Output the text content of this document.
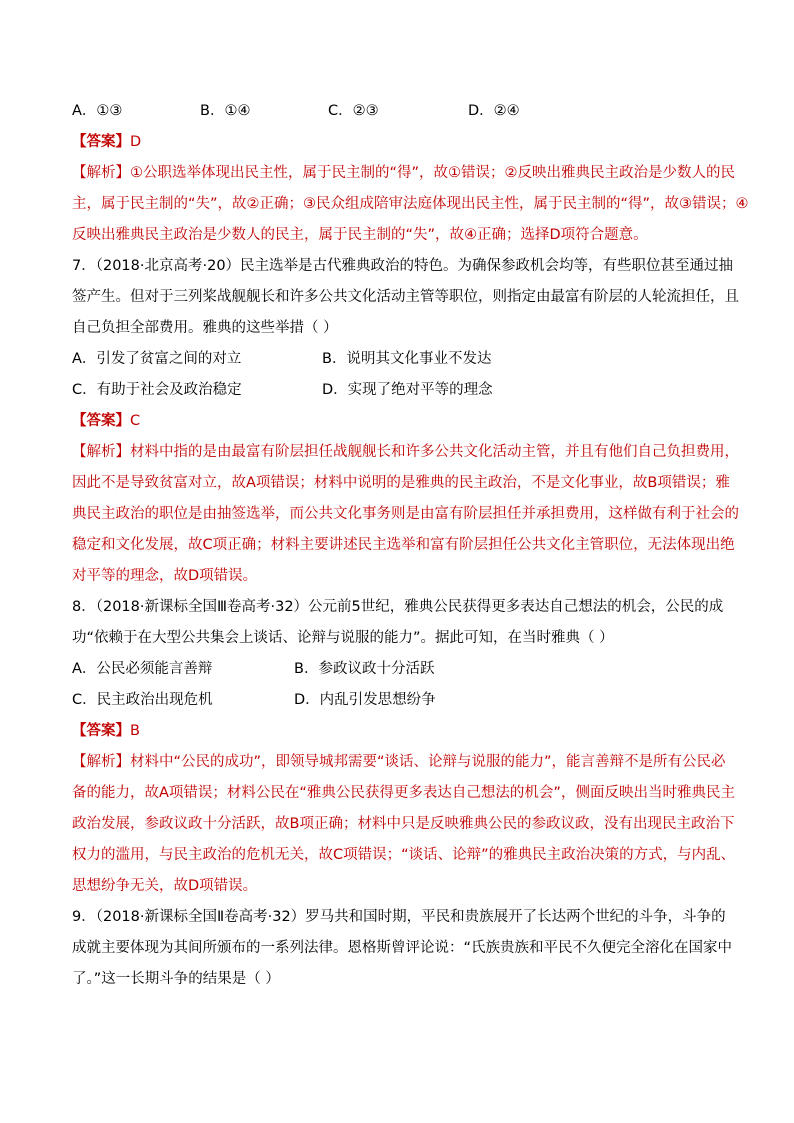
A．①③	B．①④	C．②③	D．②④
【答案】D
【解析】①公职选举体现出民主性，属于民主制的“得”，故①错误；②反映出雅典民主政治是少数人的民
主，属于民主制的“失”，故②正确；③民众组成陪审法庭体现出民主性，属于民主制的“得”，故③错误；④
反映出雅典民主政治是少数人的民主，属于民主制的“失”，故④正确；选择D项符合题意。
7．（2018·北京高考·20）民主选举是古代雅典政治的特色。为确保参政机会均等，有些职位甚至通过抽
签产生。但对于三列桨战舰舰长和许多公共文化活动主管等职位，则指定由最富有阶层的人轮流担任，且
自己负担全部费用。雅典的这些举措（ ）
A．引发了贫富之间的对立	B．说明其文化事业不发达
C．有助于社会及政治稳定	D．实现了绝对平等的理念
【答案】C
【解析】材料中指的是由最富有阶层担任战舰舰长和许多公共文化活动主管，并且有他们自己负担费用，
因此不是导致贫富对立，故A项错误；材料中说明的是雅典的民主政治，不是文化事业，故B项错误；雅
典民主政治的职位是由抽签选举，而公共文化事务则是由富有阶层担任并承担费用，这样做有利于社会的
稳定和文化发展，故C项正确；材料主要讲述民主选举和富有阶层担任公共文化主管职位，无法体现出绝
对平等的理念，故D项错误。
8．（2018·新课标全国Ⅲ卷高考·32）公元前5世纪，雅典公民获得更多表达自己想法的机会，公民的成
功“依赖于在大型公共集会上谈话、论辩与说服的能力”。据此可知，在当时雅典（ ）
A．公民必须能言善辩	B．参政议政十分活跃
C．民主政治出现危机	D．内乱引发思想纷争
【答案】B
【解析】材料中“公民的成功”，即领导城邦需要“谈话、论辩与说服的能力”，能言善辩不是所有公民必
备的能力，故A项错误；材料公民在“雅典公民获得更多表达自己想法的机会”，侧面反映出当时雅典民主
政治发展，参政议政十分活跃，故B项正确；材料中只是反映雅典公民的参政议政，没有出现民主政治下
权力的滥用，与民主政治的危机无关，故C项错误；“谈话、论辩”的雅典民主政治决策的方式，与内乱、
思想纷争无关，故D项错误。
9．（2018·新课标全国Ⅱ卷高考·32）罗马共和国时期，平民和贵族展开了长达两个世纪的斗争，斗争的
成就主要体现为其间所颁布的一系列法律。恩格斯曾评论说：“氏族贵族和平民不久便完全溶化在国家中
了。”这一长期斗争的结果是（ ）
